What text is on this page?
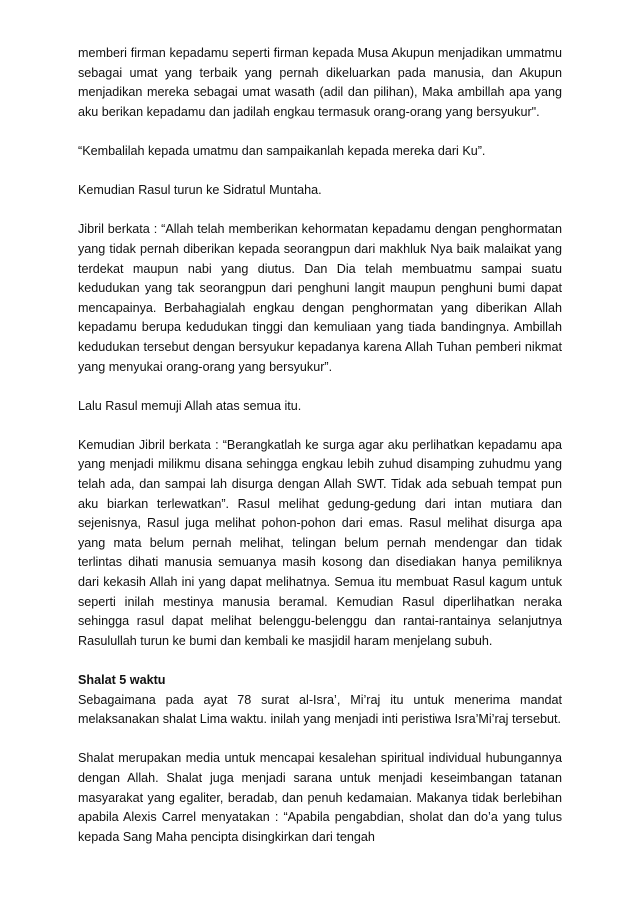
memberi firman kepadamu seperti firman kepada Musa Akupun menjadikan ummatmu sebagai umat yang terbaik yang pernah dikeluarkan pada manusia, dan Akupun menjadikan mereka sebagai umat wasath (adil dan pilihan), Maka ambillah apa yang aku berikan kepadamu dan jadilah engkau termasuk orang-orang yang bersyukur".

“Kembalilah kepada umatmu dan sampaikanlah kepada mereka dari Ku”.

Kemudian Rasul turun ke Sidratul Muntaha.

Jibril berkata : “Allah telah memberikan kehormatan kepadamu dengan penghormatan yang tidak pernah diberikan kepada seorangpun dari makhluk Nya baik malaikat yang terdekat maupun nabi yang diutus. Dan Dia telah membuatmu sampai suatu kedudukan yang tak seorangpun dari penghuni langit maupun penghuni bumi dapat mencapainya. Berbahagialah engkau dengan penghormatan yang diberikan Allah kepadamu berupa kedudukan tinggi dan kemuliaan yang tiada bandingnya. Ambillah kedudukan tersebut dengan bersyukur kepadanya karena Allah Tuhan pemberi nikmat yang menyukai orang-orang yang bersyukur”.

Lalu Rasul memuji Allah atas semua itu.

Kemudian Jibril berkata : “Berangkatlah ke surga agar aku perlihatkan kepadamu apa yang menjadi milikmu disana sehingga engkau lebih zuhud disamping zuhudmu yang telah ada, dan sampai lah disurga dengan Allah SWT. Tidak ada sebuah tempat pun aku biarkan terlewatkan”. Rasul melihat gedung-gedung dari intan mutiara dan sejenisnya, Rasul juga melihat pohon-pohon dari emas. Rasul melihat disurga apa yang mata belum pernah melihat, telingan belum pernah mendengar dan tidak terlintas dihati manusia semuanya masih kosong dan disediakan hanya pemiliknya dari kekasih Allah ini yang dapat melihatnya. Semua itu membuat Rasul kagum untuk seperti inilah mestinya manusia beramal. Kemudian Rasul diperlihatkan neraka sehingga rasul dapat melihat belenggu-belenggu dan rantai-rantainya selanjutnya Rasulullah turun ke bumi dan kembali ke masjidil haram menjelang subuh.

Shalat 5 waktu

Sebagaimana pada ayat 78 surat al-Isra’, Mi’raj itu untuk menerima mandat melaksanakan shalat Lima waktu. inilah yang menjadi inti peristiwa Isra’Mi’raj tersebut.

Shalat merupakan media untuk mencapai kesalehan spiritual individual hubungannya dengan Allah. Shalat juga menjadi sarana untuk menjadi keseimbangan tatanan masyarakat yang egaliter, beradab, dan penuh kedamaian. Makanya tidak berlebihan apabila Alexis Carrel menyatakan : “Apabila pengabdian, sholat dan do’a yang tulus kepada Sang Maha pencipta disingkirkan dari tengah
